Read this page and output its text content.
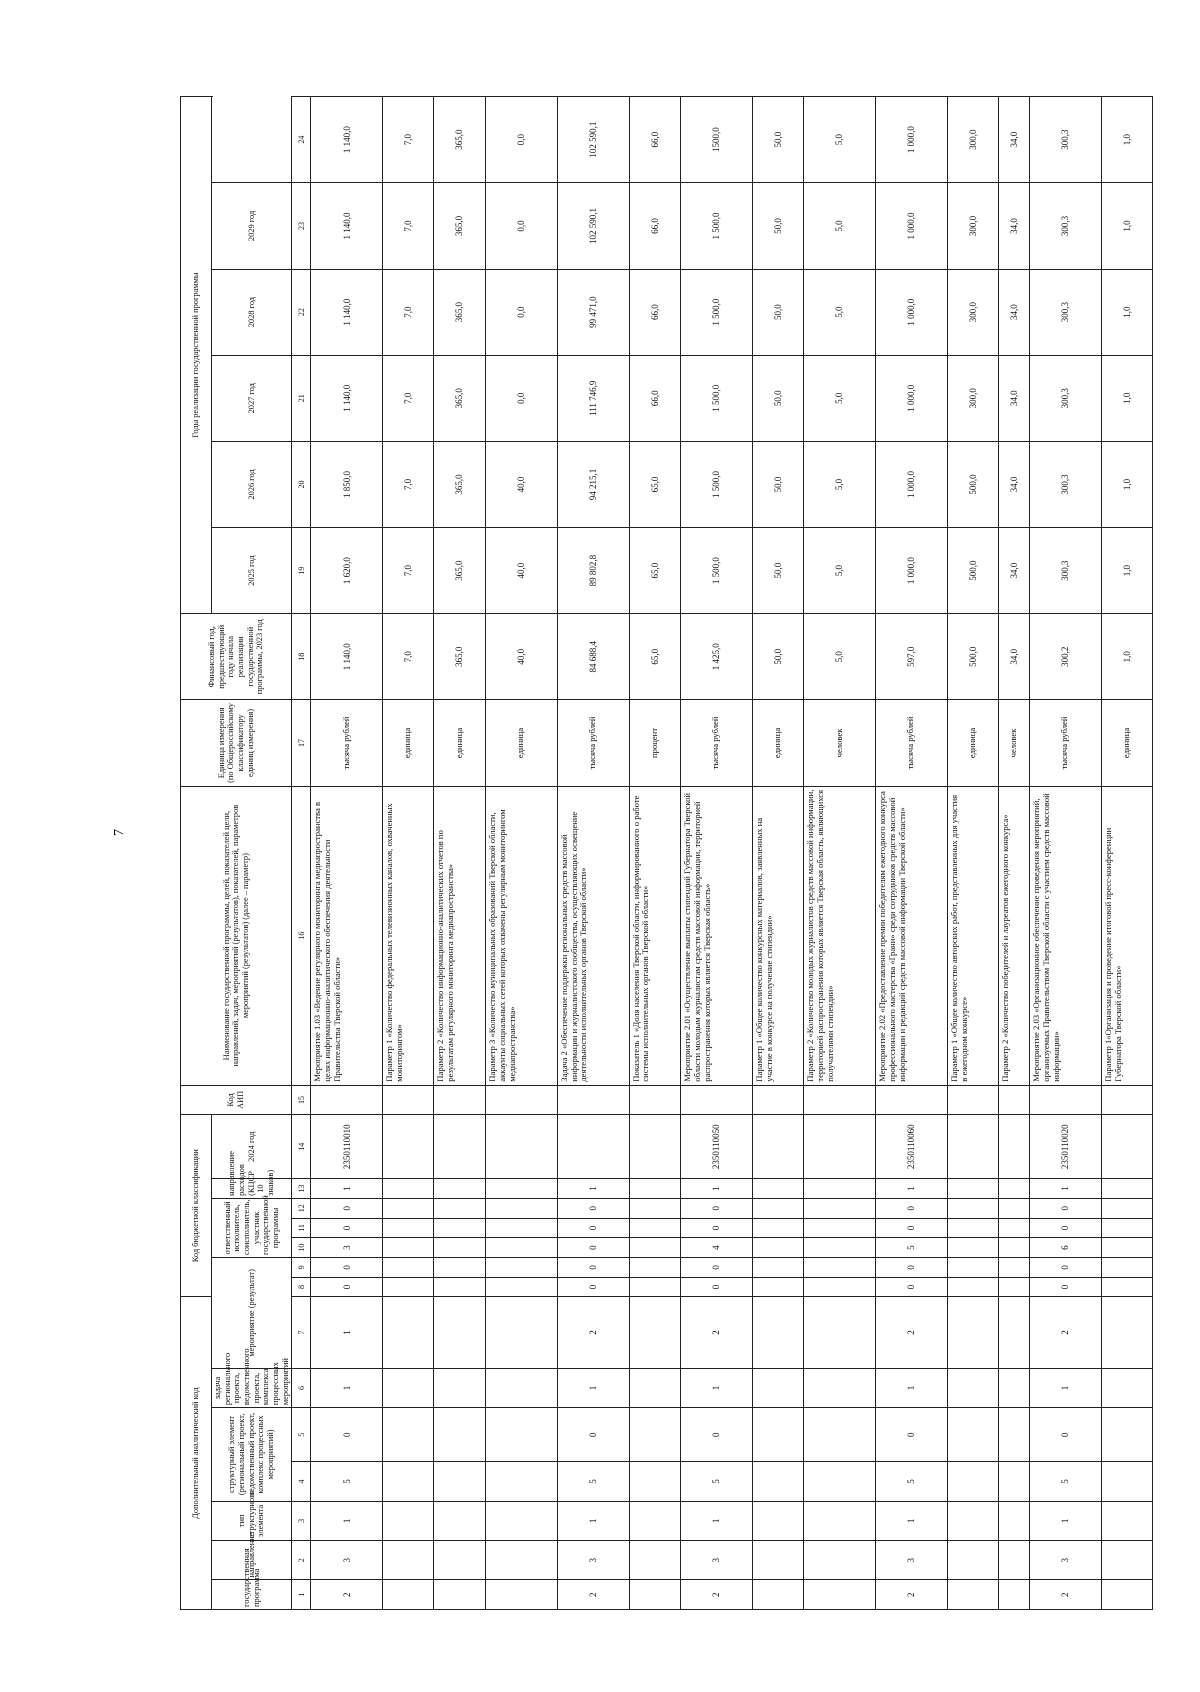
7
Дополнительный аналитический код							Код бюджетной классификации							Код АИП	Наименование государственной программы, целей, показателей цели, направлений, задач, мероприятий (результатов), показателей, параметров мероприятий (результатов) (далее – параметр)	Единица измерения (по Общероссийскому классификатору единиц измерения)	Финансовый год, предшествующий году начала реализации государственной программы, 2023 год	Годы реализации государственной программы					
государственная программа	направление	тип структурного элемента	структурный элемент (региональный проект, ведомственный проект, комплекс процессных мероприятий)		задача регионального проекта, ведомственного проекта, комплекса процессных мероприятий	мероприятие (результат)			ответственный исполнитель, соисполнитель, участник государственной программы			направление расходов (КЦСР 10 знаков)											
													2024 год					2025 год	2026 год	2027 год	2028 год	2029 год	
1	2	3	4	5	6	7	8	9	10	11	12	13	14	15	16	17	18	19	20	21	22	23	24
2	3	1	5	0	1	1	0	0	3	0	0	1	2350110010		Мероприятие 1.03 «Ведение регулярного мониторинга медиапространства в целях информационно-аналитического обеспечения деятельности Правительства Тверской области»	тысяча рублей	1 140,0	1 620,0	1 850,0	1 140,0	1 140,0	1 140,0	1 140,0
															Параметр 1 «Количество федеральных телевизионных каналов, охваченных мониторингом»	единица	7,0	7,0	7,0	7,0	7,0	7,0	7,0
															Параметр 2 «Количество информационно-аналитических отчетов по результатам регулярного мониторинга медиапространства»	единица	365,0	365,0	365,0	365,0	365,0	365,0	365,0
															Параметр 3 «Количество муниципальных образований Тверской области, аккаунты социальных сетей которых охвачены регулярным мониторингом медиапространства»	единица	40,0	40,0	40,0	0,0	0,0	0,0	0,0
2	3	1	5	0	1	2	0	0	0	0	0	1			Задача 2 «Обеспечение поддержки региональных средств массовой информации и журналистского сообщества, осуществляющих освещение деятельности исполнительных органов Тверской области»	тысяча рублей	84 688,4	89 802,8	94 215,1	111 746,9	99 471,0	102 590,1	102 590,1
															Показатель 1 «Доля населения Тверской области, информированного о работе системы исполнительных органов Тверской области»	процент	65,0	65,0	65,0	66,0	66,0	66,0	66,0
2	3	1	5	0	1	2	0	0	4	0	0	1	2350110050		Мероприятие 2.01 «Осуществление выплаты стипендий Губернатора Тверской области молодым журналистам средств массовой информации, территорией распространения которых является Тверская область»	тысяча рублей	1 425,0	1 500,0	1 500,0	1 500,0	1 500,0	1 500,0	1500,0
															Параметр 1 «Общее количество конкурсных материалов, заявленных на участие в конкурсе на получение стипендии»	единица	50,0	50,0	50,0	50,0	50,0	50,0	50,0
															Параметр 2 «Количество молодых журналистов средств массовой информации, территорией распространения которых является Тверская область, являющихся получателями стипендии»	человек	5,0	5,0	5,0	5,0	5,0	5,0	5,0
2	3	1	5	0	1	2	0	0	5	0	0	1	2350110060		Мероприятие 2.02 «Предоставление премии победителям ежегодного конкурса профессионального мастерства «Грани» среди сотрудников средств массовой информации и редакций средств массовой информации Тверской области»	тысяча рублей	597,0	1 000,0	1 000,0	1 000,0	1 000,0	1 000,0	1 000,0
															Параметр 1 «Общее количество авторских работ, представленных для участия в ежегодном конкурсе»	единица	500,0	500,0	500,0	300,0	300,0	300,0	300,0
															Параметр 2 «Количество победителей и лауреатов ежегодного конкурса»	человек	34,0	34,0	34,0	34,0	34,0	34,0	34,0
2	3	1	5	0	1	2	0	0	6	0	0	1	2350110020		Мероприятие 2.03 «Организационное обеспечение проведения мероприятий, организуемых Правительством Тверской области с участием средств массовой информации»	тысяча рублей	300,2	300,3	300,3	300,3	300,3	300,3	300,3
															Параметр 1«Организация и проведение итоговой пресс-конференции Губернатора Тверской области»	единица	1,0	1,0	1,0	1,0	1,0	1,0	1,0
